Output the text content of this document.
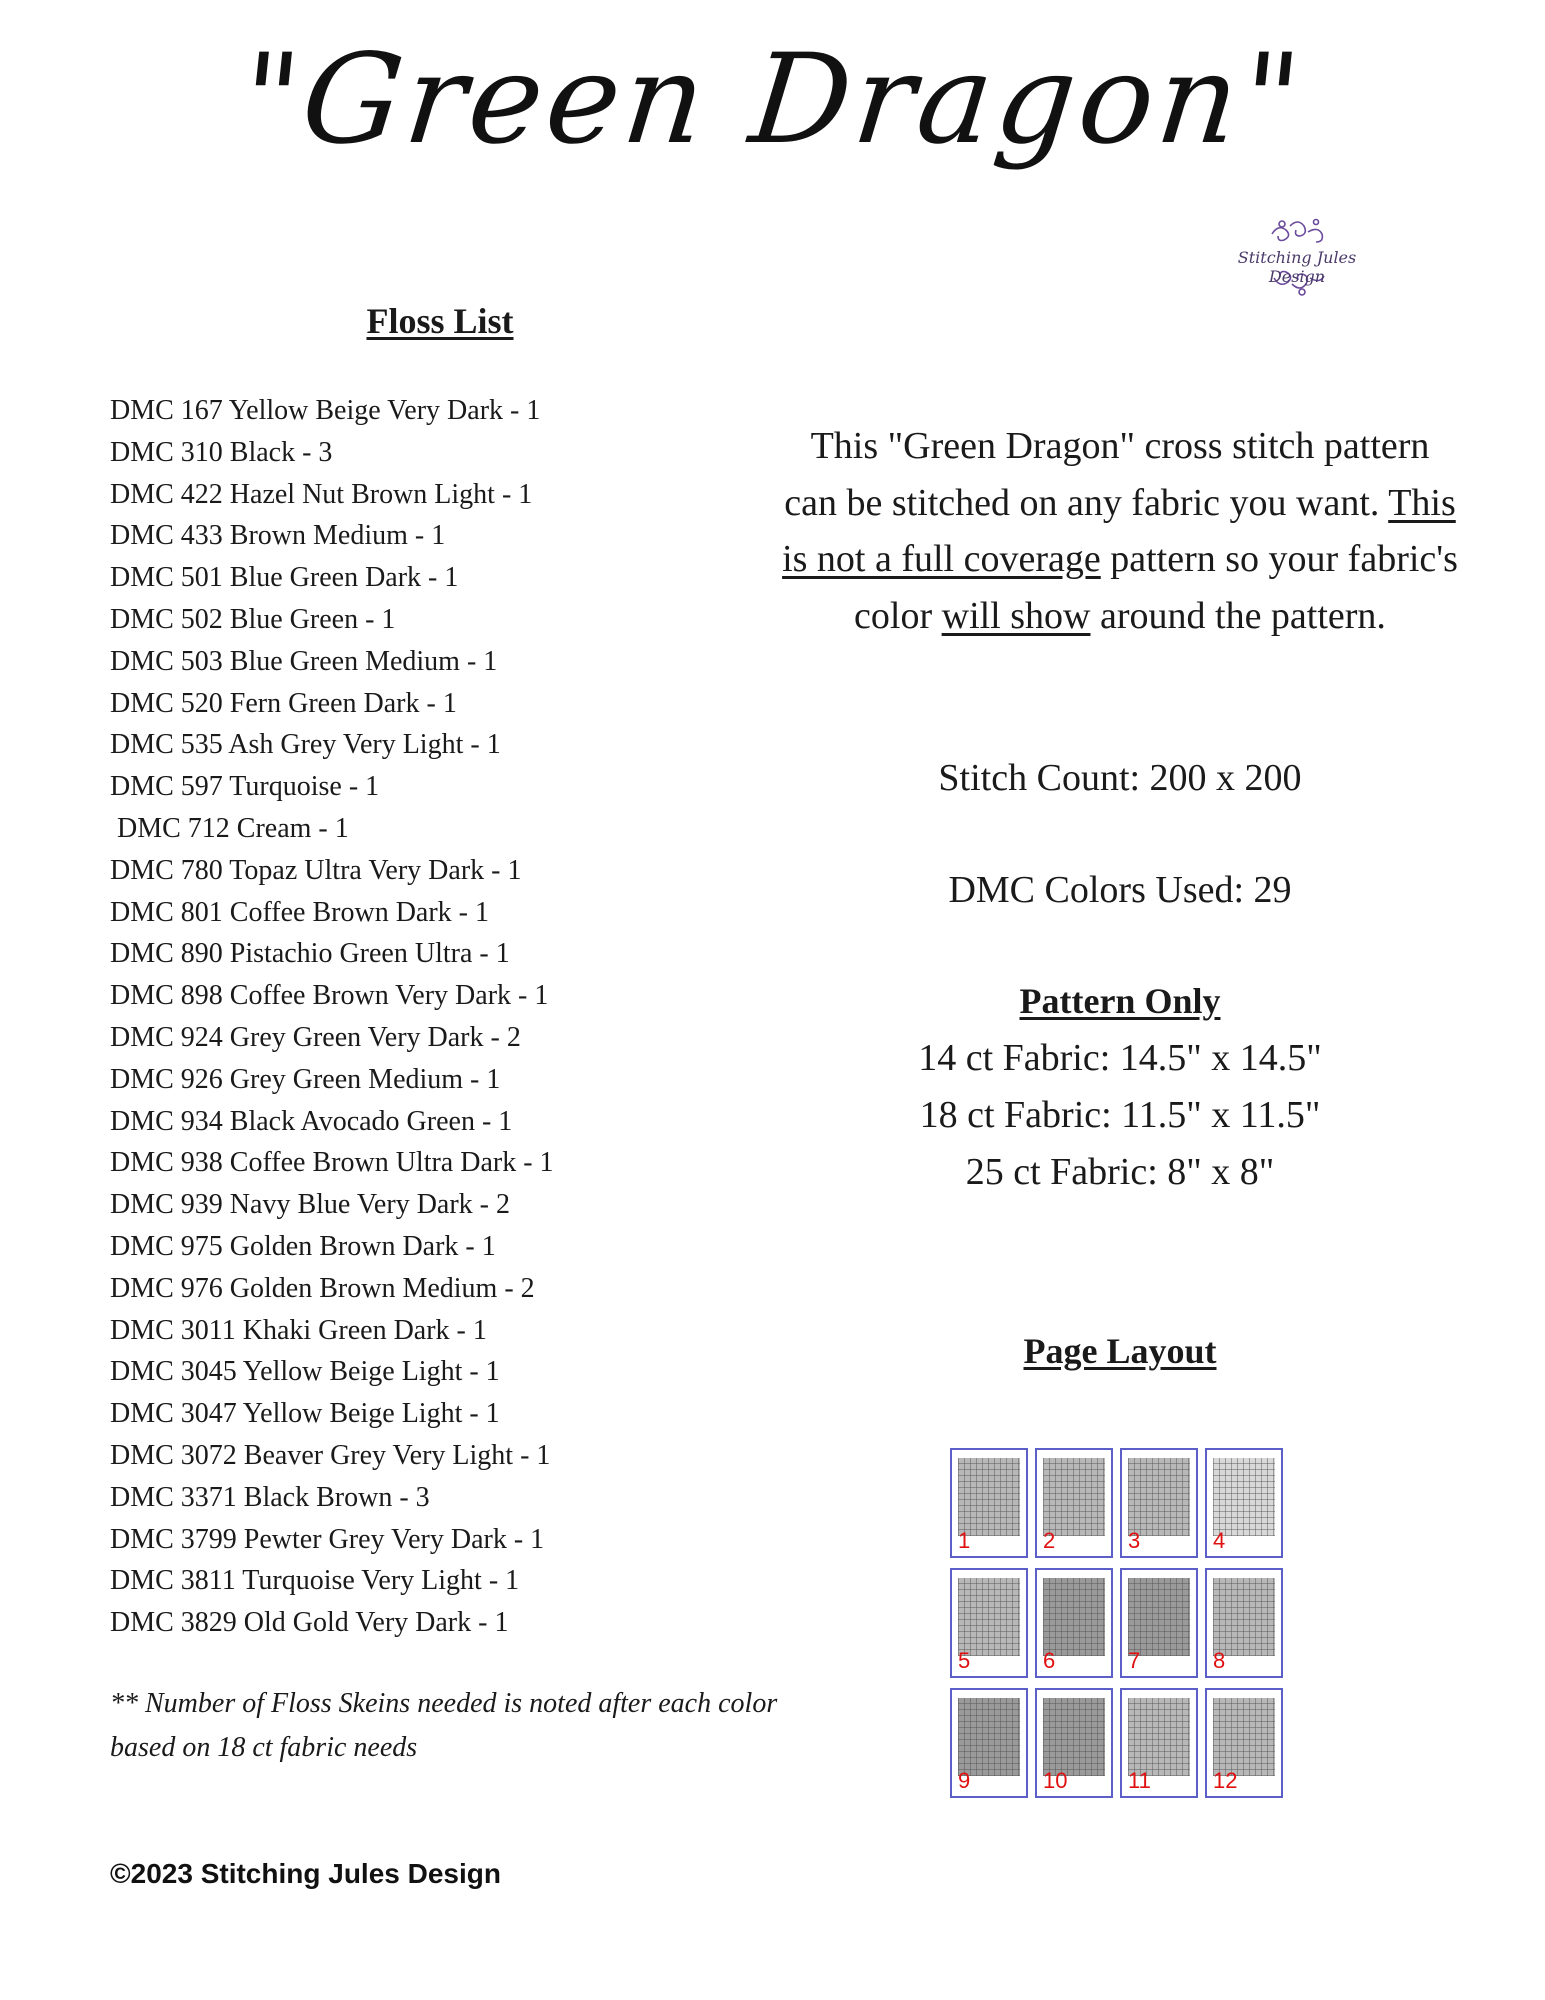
"Green Dragon"
Stitching Jules Design
Floss List
DMC 167 Yellow Beige Very Dark - 1
DMC 310 Black - 3
DMC 422 Hazel Nut Brown Light - 1
DMC 433 Brown Medium - 1
DMC 501 Blue Green Dark - 1
DMC 502 Blue Green - 1
DMC 503 Blue Green Medium - 1
DMC 520 Fern Green Dark - 1
DMC 535 Ash Grey Very Light - 1
DMC 597 Turquoise - 1
DMC 712 Cream - 1
DMC 780 Topaz Ultra Very Dark - 1
DMC 801 Coffee Brown Dark - 1
DMC 890 Pistachio Green Ultra - 1
DMC 898 Coffee Brown Very Dark - 1
DMC 924 Grey Green Very Dark - 2
DMC 926 Grey Green Medium - 1
DMC 934 Black Avocado Green - 1
DMC 938 Coffee Brown Ultra Dark - 1
DMC 939 Navy Blue Very Dark - 2
DMC 975 Golden Brown Dark - 1
DMC 976 Golden Brown Medium - 2
DMC 3011 Khaki Green Dark - 1
DMC 3045 Yellow Beige Light - 1
DMC 3047 Yellow Beige Light - 1
DMC 3072 Beaver Grey Very Light - 1
DMC 3371 Black Brown - 3
DMC 3799 Pewter Grey Very Dark - 1
DMC 3811 Turquoise Very Light - 1
DMC 3829 Old Gold Very Dark - 1
** Number of Floss Skeins needed is noted after each color
based on 18 ct fabric needs

This "Green Dragon" cross stitch pattern can be stitched on any fabric you want. This is not a full coverage pattern so your fabric's color will show around the pattern.

Stitch Count: 200 x 200
DMC Colors Used: 29
Pattern Only
14 ct Fabric: 14.5" x 14.5"
18 ct Fabric: 11.5" x 11.5"
25 ct Fabric: 8" x 8"
Page Layout
1	2	3	4
5	6	7	8
9	10	11	12
©2023 Stitching Jules Design
